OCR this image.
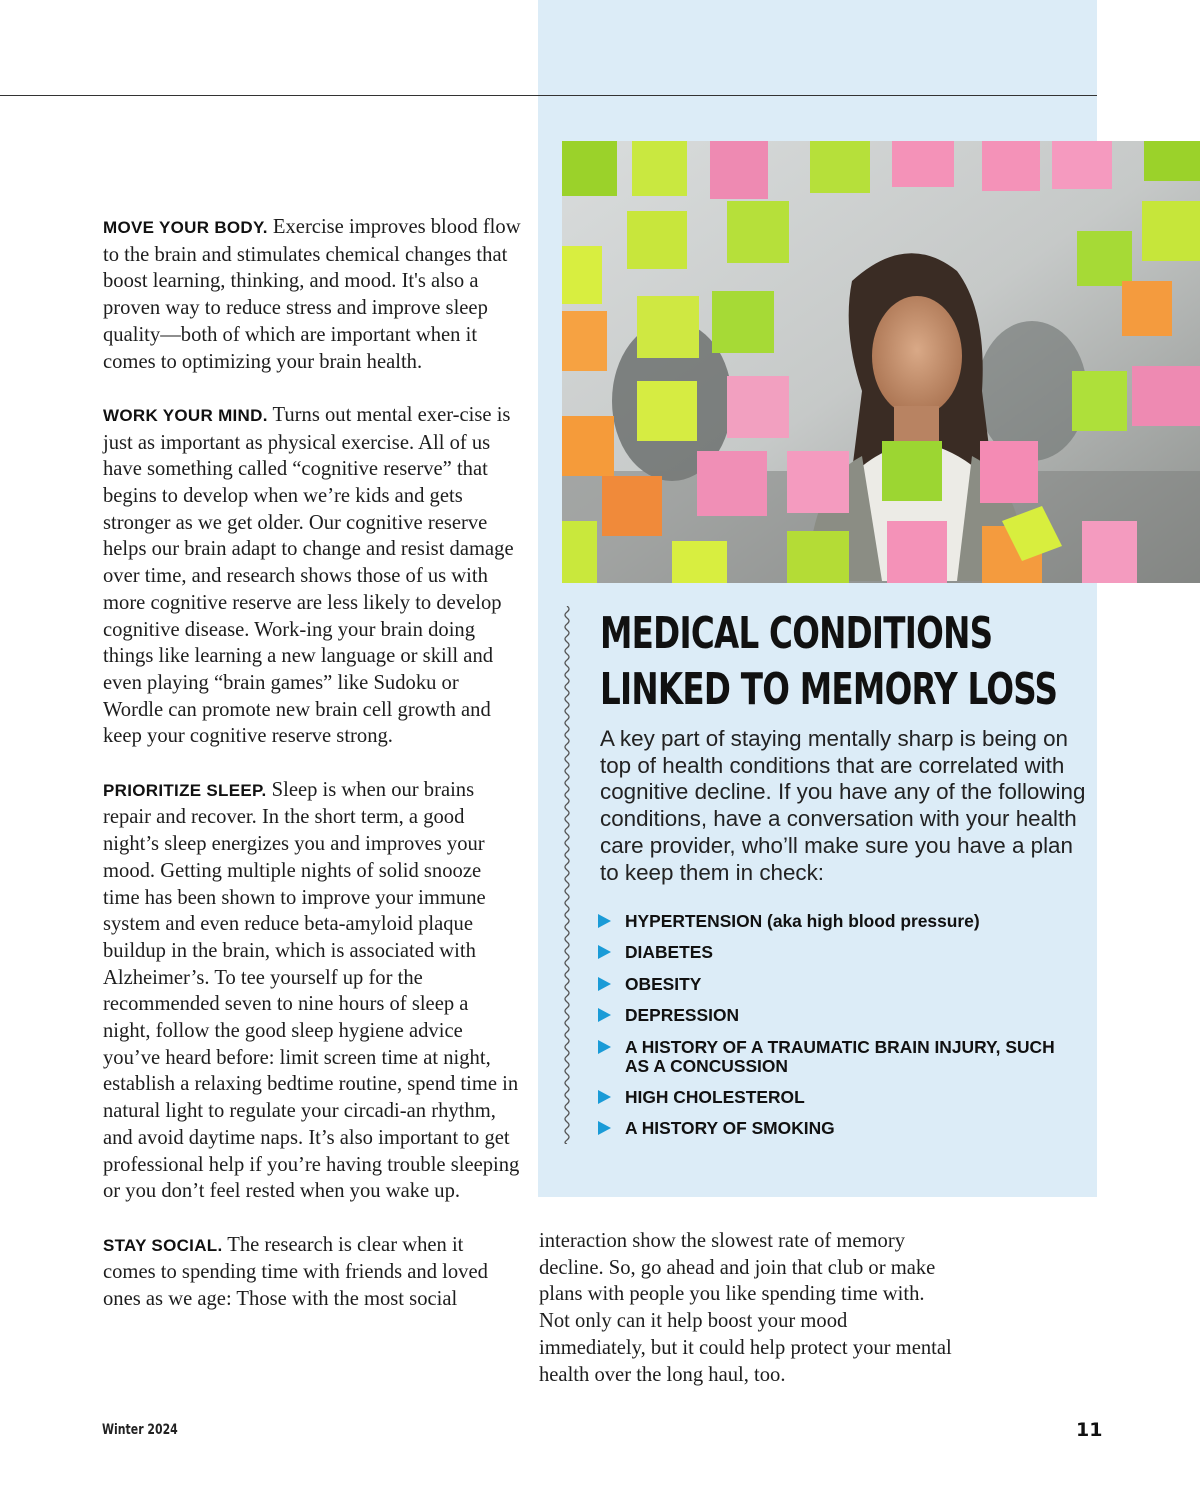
MOVE YOUR BODY. Exercise improves blood flow to the brain and stimulates chemical changes that boost learning, thinking, and mood. It's also a proven way to reduce stress and improve sleep quality—both of which are important when it comes to optimizing your brain health.

WORK YOUR MIND. Turns out mental exer-cise is just as important as physical exercise. All of us have something called “cognitive reserve” that begins to develop when we’re kids and gets stronger as we get older. Our cognitive reserve helps our brain adapt to change and resist damage over time, and research shows those of us with more cognitive reserve are less likely to develop cognitive disease. Work-ing your brain doing things like learning a new language or skill and even playing “brain games” like Sudoku or Wordle can promote new brain cell growth and keep your cognitive reserve strong.

PRIORITIZE SLEEP. Sleep is when our brains repair and recover. In the short term, a good night’s sleep energizes you and improves your mood. Getting multiple nights of solid snooze time has been shown to improve your immune system and even reduce beta-amyloid plaque buildup in the brain, which is associated with Alzheimer’s. To tee yourself up for the recommended seven to nine hours of sleep a night, follow the good sleep hygiene advice you’ve heard before: limit screen time at night, establish a relaxing bedtime routine, spend time in natural light to regulate your circadi-an rhythm, and avoid daytime naps. It’s also important to get professional help if you’re having trouble sleeping or you don’t feel rested when you wake up.

STAY SOCIAL. The research is clear when it comes to spending time with friends and loved ones as we age: Those with the most social

interaction show the slowest rate of memory decline. So, go ahead and join that club or make plans with people you like spending time with. Not only can it help boost your mood immediately, but it could help protect your mental health over the long haul, too.

MEDICAL CONDITIONS
LINKED TO MEMORY LOSS

A key part of staying mentally sharp is being on top of health conditions that are correlated with cognitive decline. If you have any of the following conditions, have a conversation with your health care provider, who’ll make sure you have a plan to keep them in check:

HYPERTENSION (aka high blood pressure)
DIABETES
OBESITY
DEPRESSION
A HISTORY OF A TRAUMATIC BRAIN INJURY, SUCH AS A CONCUSSION
HIGH CHOLESTEROL
A HISTORY OF SMOKING
Winter 2024	11
